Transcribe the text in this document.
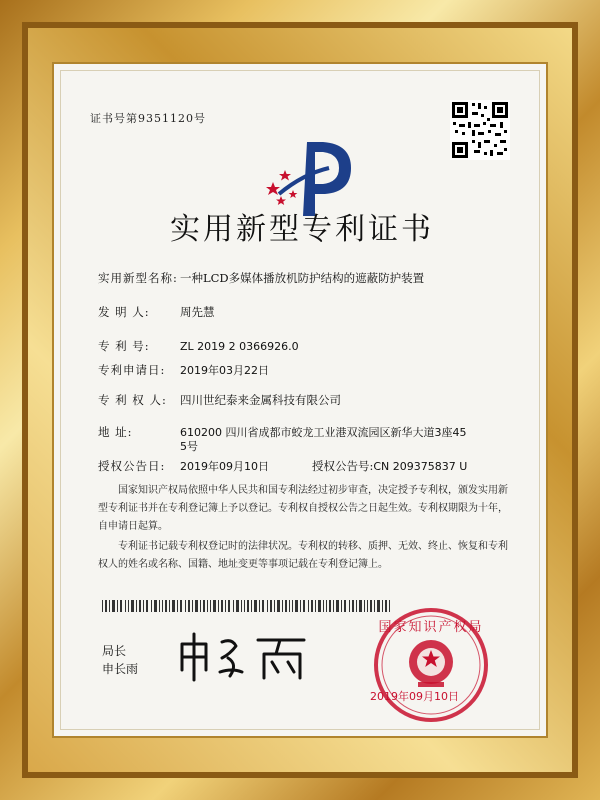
证书号第9351120号
实用新型专利证书
实用新型名称: 一种LCD多媒体播放机防护结构的遮蔽防护装置
发 明 人:	周先慧
专 利 号:	ZL 2019 2 0366926.0
专利申请日: 2019年03月22日
专 利 权 人: 四川世纪泰来金属科技有限公司
地 址:	610200 四川省成都市蛟龙工业港双流园区新华大道3座45
5号
授权公告日: 2019年09月10日	授权公告号:CN 209375837 U
国家知识产权局依照中华人民共和国专利法经过初步审查，决定授予专利权，颁发实用新型专利证书并在专利登记簿上予以登记。专利权自授权公告之日起生效。专利权期限为十年，自申请日起算。
专利证书记载专利权登记时的法律状况。专利权的转移、质押、无效、终止、恢复和专利权人的姓名或名称、国籍、地址变更等事项记载在专利登记簿上。
局长
申长雨
国家知识产权局
2019年09月10日
